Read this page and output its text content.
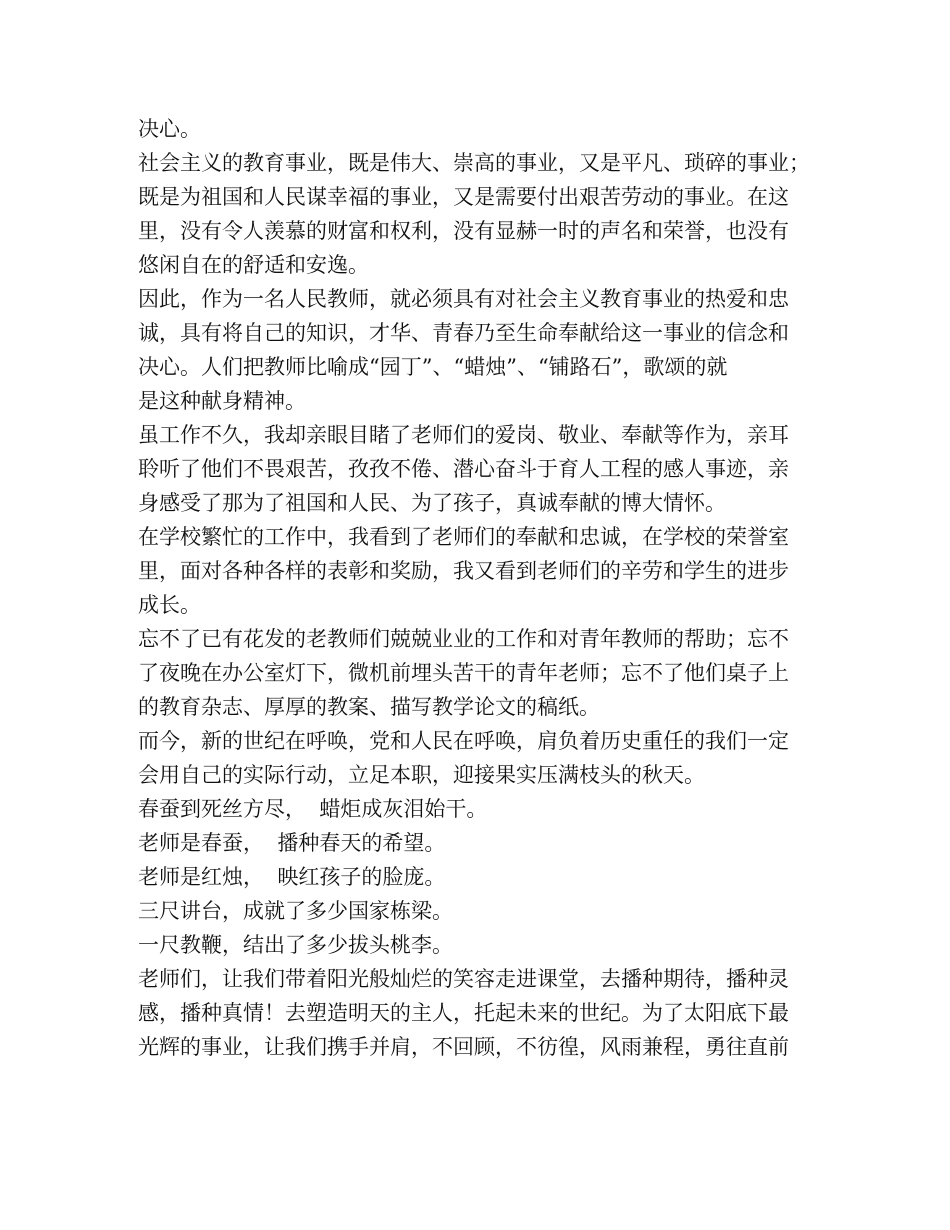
决心。
社会主义的教育事业，既是伟大、崇高的事业，又是平凡、琐碎的事业；
既是为祖国和人民谋幸福的事业，又是需要付出艰苦劳动的事业。在这
里，没有令人羡慕的财富和权利，没有显赫一时的声名和荣誉，也没有
悠闲自在的舒适和安逸。
因此，作为一名人民教师，就必须具有对社会主义教育事业的热爱和忠
诚，具有将自己的知识，才华、青春乃至生命奉献给这一事业的信念和
决心。人们把教师比喻成“园丁”、“蜡烛”、“铺路石”，歌颂的就
是这种献身精神。
虽工作不久，我却亲眼目睹了老师们的爱岗、敬业、奉献等作为，亲耳
聆听了他们不畏艰苦，孜孜不倦、潜心奋斗于育人工程的感人事迹，亲
身感受了那为了祖国和人民、为了孩子，真诚奉献的博大情怀。
在学校繁忙的工作中，我看到了老师们的奉献和忠诚，在学校的荣誉室
里，面对各种各样的表彰和奖励，我又看到老师们的辛劳和学生的进步
成长。
忘不了已有花发的老教师们兢兢业业的工作和对青年教师的帮助；忘不
了夜晚在办公室灯下，微机前埋头苦干的青年老师；忘不了他们桌子上
的教育杂志、厚厚的教案、描写教学论文的稿纸。
而今，新的世纪在呼唤，党和人民在呼唤，肩负着历史重任的我们一定
会用自己的实际行动，立足本职，迎接果实压满枝头的秋天。
春蚕到死丝方尽，  蜡炬成灰泪始干。
老师是春蚕，  播种春天的希望。
老师是红烛，  映红孩子的脸庞。
三尺讲台，成就了多少国家栋梁。
一尺教鞭，结出了多少拔头桃李。
老师们，让我们带着阳光般灿烂的笑容走进课堂，去播种期待，播种灵
感，播种真情！去塑造明天的主人，托起未来的世纪。为了太阳底下最
光辉的事业，让我们携手并肩，不回顾，不彷徨，风雨兼程，勇往直前
